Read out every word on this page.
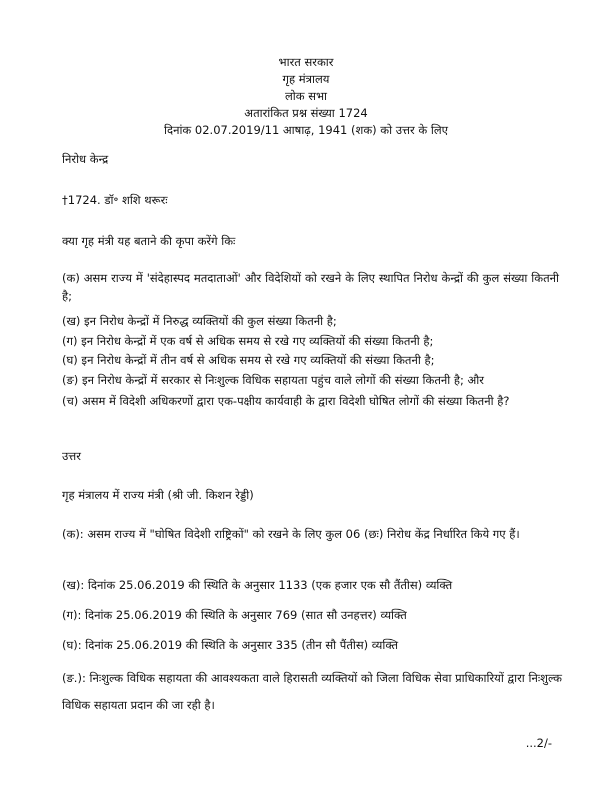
भारत सरकार
गृह मंत्रालय
लोक सभा
अतारांकित प्रश्न संख्या 1724
दिनांक 02.07.2019/11 आषाढ़, 1941 (शक) को उत्तर के लिए
निरोध केन्द्र
†1724. डॉ॰ शशि थरूरः
क्या गृह मंत्री यह बताने की कृपा करेंगे किः
(क) असम राज्य में 'संदेहास्पद मतदाताओं' और विदेशियों को रखने के लिए स्थापित निरोध केन्द्रों की कुल संख्या कितनी है;
(ख) इन निरोध केन्द्रों में निरुद्ध व्यक्तियों की कुल संख्या कितनी है;
(ग) इन निरोध केन्द्रों में एक वर्ष से अधिक समय से रखे गए व्यक्तियों की संख्या कितनी है;
(घ) इन निरोध केन्द्रों में तीन वर्ष से अधिक समय से रखे गए व्यक्तियों की संख्या कितनी है;
(ङ) इन निरोध केन्द्रों में सरकार से निःशुल्क विधिक सहायता पहुंच वाले लोगों की संख्या कितनी है; और
(च) असम में विदेशी अधिकरणों द्वारा एक-पक्षीय कार्यवाही के द्वारा विदेशी घोषित लोगों की संख्या कितनी है?
उत्तर
गृह मंत्रालय में राज्य मंत्री (श्री जी. किशन रेड्डी)
(क): असम राज्य में "घोषित विदेशी राष्ट्रिकों" को रखने के लिए कुल 06 (छः) निरोध केंद्र निर्धारित किये गए हैं।
(ख): दिनांक 25.06.2019 की स्थिति के अनुसार 1133 (एक हजार एक सौ तैंतीस) व्यक्ति
(ग): दिनांक 25.06.2019 की स्थिति के अनुसार 769 (सात सौ उनहत्तर) व्यक्ति
(घ): दिनांक 25.06.2019 की स्थिति के अनुसार 335 (तीन सौ पैंतीस) व्यक्ति
(ङ.): निःशुल्क विधिक सहायता की आवश्यकता वाले हिरासती व्यक्तियों को जिला विधिक सेवा प्राधिकारियों द्वारा निःशुल्क विधिक सहायता प्रदान की जा रही है।
...2/-
